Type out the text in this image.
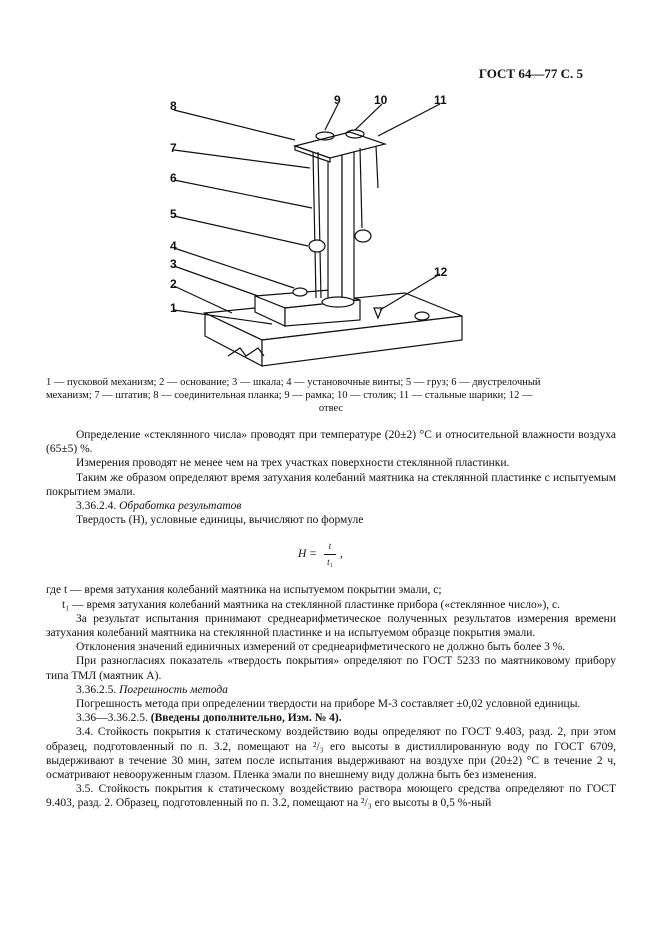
ГОСТ 64—77 С. 5
8	9	10	11
7
6
5
4
3
2
1
12
1 — пусковой механизм; 2 — основание; 3 — шкала; 4 — установочные винты; 5 — груз; 6 — двустрелочный
механизм; 7 — штатив; 8 — соединительная планка; 9 — рамка; 10 — столик; 11 — стальные шарики; 12 —
отвес

Определение «стеклянного числа» проводят при температуре (20±2) °С и относительной влажности воздуха (65±5) %.

Измерения проводят не менее чем на трех участках поверхности стеклянной пластинки.

Таким же образом определяют время затухания колебаний маятника на стеклянной пластинке с испытуемым покрытием эмали.

3.36.2.4. Обработка результатов

Твердость (Н), условные единицы, вычисляют по формуле

$Н = \frac{t}{\text{t₁}}$ ,

где t — время затухания колебаний маятника на испытуемом покрытии эмали, с;

t₁ — время затухания колебаний маятника на стеклянной пластинке прибора («стеклянное число»), с.

За результат испытания принимают среднеарифметическое полученных результатов измерения времени затухания колебаний маятника на стеклянной пластинке и на испытуемом образце покрытия эмали.

Отклонения значений единичных измерений от среднеарифметического не должно быть более 3 %.

При разногласиях показатель «твердость покрытия» определяют по ГОСТ 5233 по маятниковому прибору типа ТМЛ (маятник А).

3.36.2.5. Погрешность метода

Погрешность метода при определении твердости на приборе М-3 составляет ±0,02 условной единицы.

3.36—3.36.2.5. (Введены дополнительно, Изм. № 4).

3.4. Стойкость покрытия к статическому воздействию воды определяют по ГОСТ 9.403, разд. 2, при этом образец, подготовленный по п. 3.2, помещают на ²/₃ его высоты в дистиллированную воду по ГОСТ 6709, выдерживают в течение 30 мин, затем после испытания выдерживают на воздухе при (20±2) °С в течение 2 ч, осматривают невооруженным глазом. Пленка эмали по внешнему виду должна быть без изменения.

3.5. Стойкость покрытия к статическому воздействию раствора моющего средства определяют по ГОСТ 9.403, разд. 2. Образец, подготовленный по п. 3.2, помещают на ²/₃ его высоты в 0,5 %-ный
